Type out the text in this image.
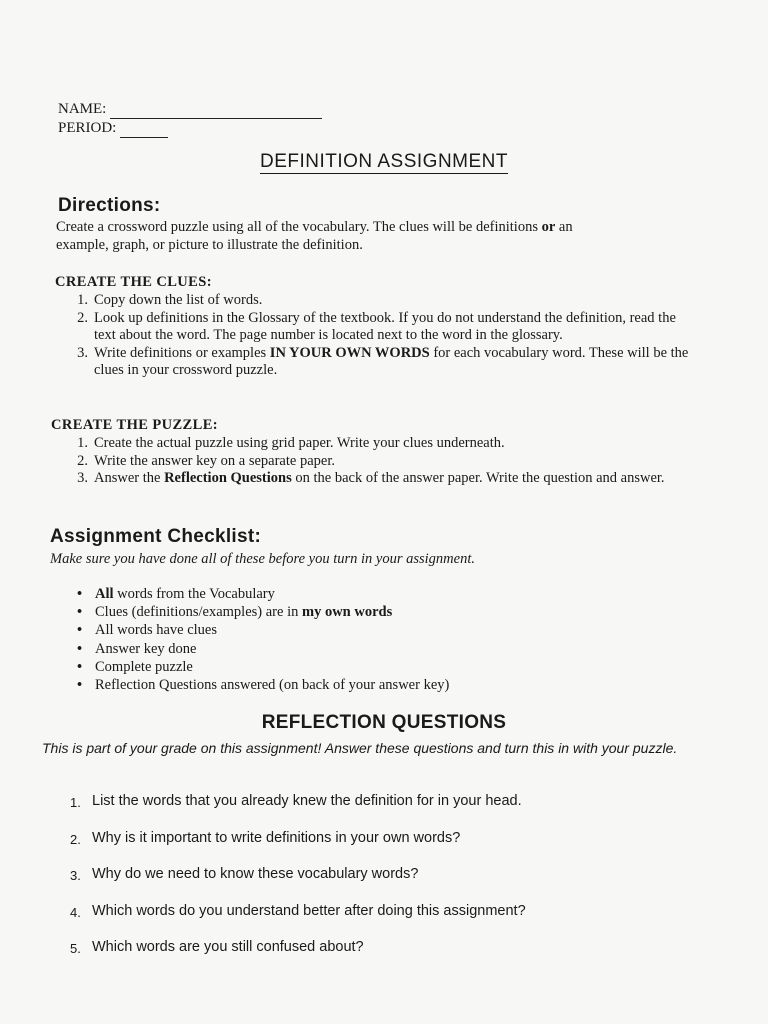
NAME:
PERIOD:
DEFINITION ASSIGNMENT
Directions:
Create a crossword puzzle using all of the vocabulary. The clues will be definitions or an
example, graph, or picture to illustrate the definition.
CREATE THE CLUES:
1. Copy down the list of words.
2. Look up definitions in the Glossary of the textbook. If you do not understand the definition, read the text about the word. The page number is located next to the word in the glossary.
3. Write definitions or examples IN YOUR OWN WORDS for each vocabulary word. These will be the clues in your crossword puzzle.
CREATE THE PUZZLE:
1. Create the actual puzzle using grid paper. Write your clues underneath.
2. Write the answer key on a separate paper.
3. Answer the Reflection Questions on the back of the answer paper. Write the question and answer.
Assignment Checklist:
Make sure you have done all of these before you turn in your assignment.
• All words from the Vocabulary
• Clues (definitions/examples) are in my own words
• All words have clues
• Answer key done
• Complete puzzle
• Reflection Questions answered (on back of your answer key)
REFLECTION QUESTIONS
This is part of your grade on this assignment! Answer these questions and turn this in with your puzzle.
1. List the words that you already knew the definition for in your head.
2. Why is it important to write definitions in your own words?
3. Why do we need to know these vocabulary words?
4. Which words do you understand better after doing this assignment?
5. Which words are you still confused about?
